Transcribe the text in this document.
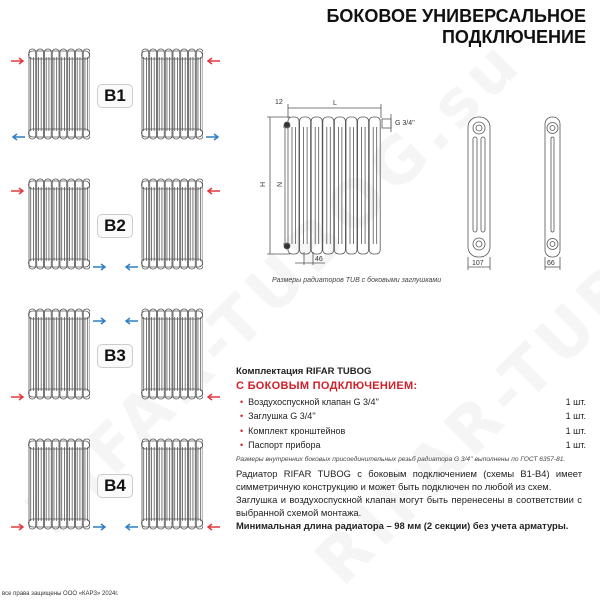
БОКОВОЕ УНИВЕРСАЛЬНОЕ
ПОДКЛЮЧЕНИЕ
B1
B2
B3
B4
12	L
H N
46
G 3/4''
107	66
Размеры радиаторов TUB с боковыми заглушками
Комплектация RIFAR TUBOG
С БОКОВЫМ ПОДКЛЮЧЕНИЕМ:
• Воздухоспускной клапан G 3/4''	1 шт.
• Заглушка G 3/4''	1 шт.
• Комплект кронштейнов	1 шт.
• Паспорт прибора	1 шт.
Размеры внутренних боковых присоединительных резьб радиатора G 3/4'' выполнены по ГОСТ 6357-81.
Радиатор RIFAR TUBOG с боковым подключением (схемы B1-B4) имеет симметричную конструкцию и может быть подключен по любой из схем.
Заглушка и воздухоспускной клапан могут быть перенесены в соответствии с выбранной схемой монтажа.
Минимальная длина радиатора – 98 мм (2 секции) без учета арматуры.
все права защищены ООО «КАРЗ» 2024г.
